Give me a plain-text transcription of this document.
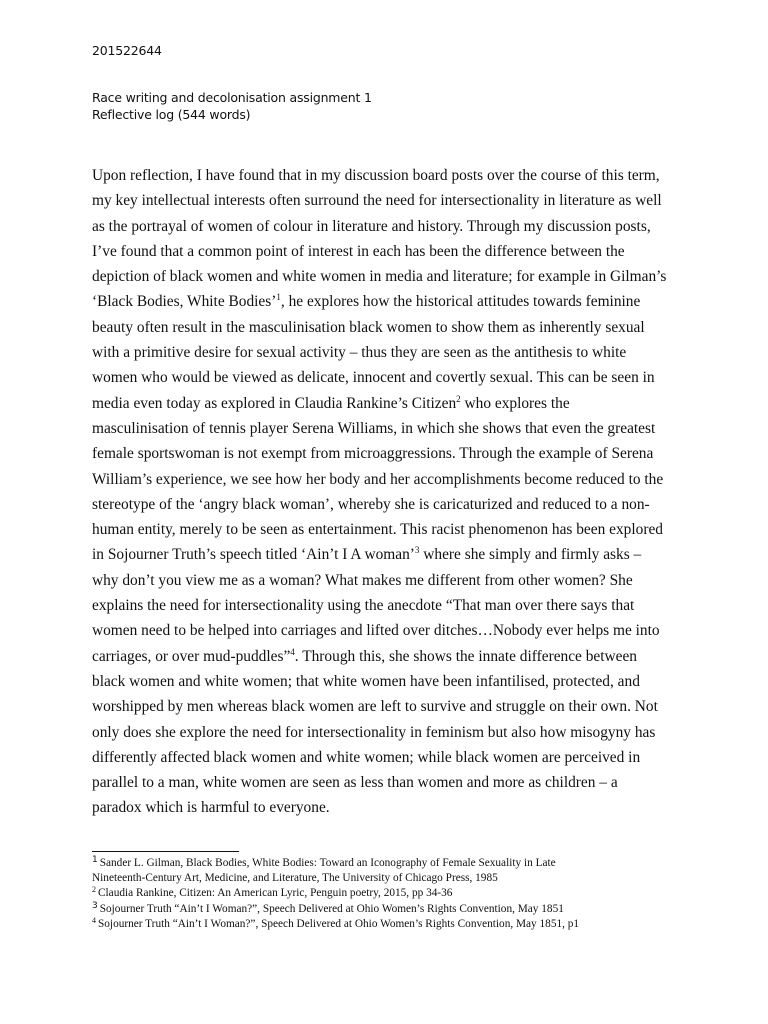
201522644
Race writing and decolonisation assignment 1
Reflective log (544 words)
Upon reflection, I have found that in my discussion board posts over the course of this term,
my key intellectual interests often surround the need for intersectionality in literature as well
as the portrayal of women of colour in literature and history. Through my discussion posts,
I’ve found that a common point of interest in each has been the difference between the
depiction of black women and white women in media and literature; for example in Gilman’s
‘Black Bodies, White Bodies’$^1$, he explores how the historical attitudes towards feminine
beauty often result in the masculinisation black women to show them as inherently sexual
with a primitive desire for sexual activity – thus they are seen as the antithesis to white
women who would be viewed as delicate, innocent and covertly sexual. This can be seen in
media even today as explored in Claudia Rankine’s Citizen$^2$ who explores the
masculinisation of tennis player Serena Williams, in which she shows that even the greatest
female sportswoman is not exempt from microaggressions. Through the example of Serena
William’s experience, we see how her body and her accomplishments become reduced to the
stereotype of the ‘angry black woman’, whereby she is caricaturized and reduced to a non-
human entity, merely to be seen as entertainment. This racist phenomenon has been explored
in Sojourner Truth’s speech titled ‘Ain’t I A woman’$^3$ where she simply and firmly asks –
why don’t you view me as a woman? What makes me different from other women? She
explains the need for intersectionality using the anecdote “That man over there says that
women need to be helped into carriages and lifted over ditches…Nobody ever helps me into
carriages, or over mud-puddles”$^4$. Through this, she shows the innate difference between
black women and white women; that white women have been infantilised, protected, and
worshipped by men whereas black women are left to survive and struggle on their own. Not
only does she explore the need for intersectionality in feminism but also how misogyny has
differently affected black women and white women; while black women are perceived in
parallel to a man, white women are seen as less than women and more as children – a
paradox which is harmful to everyone.
$^1$ Sander L. Gilman, Black Bodies, White Bodies: Toward an Iconography of Female Sexuality in Late
Nineteenth-Century Art, Medicine, and Literature, The University of Chicago Press, 1985
$^2$ Claudia Rankine, Citizen: An American Lyric, Penguin poetry, 2015, pp 34-36
$^3$ Sojourner Truth “Ain’t I Woman?”, Speech Delivered at Ohio Women’s Rights Convention, May 1851
$^4$ Sojourner Truth “Ain’t I Woman?”, Speech Delivered at Ohio Women’s Rights Convention, May 1851, p1
